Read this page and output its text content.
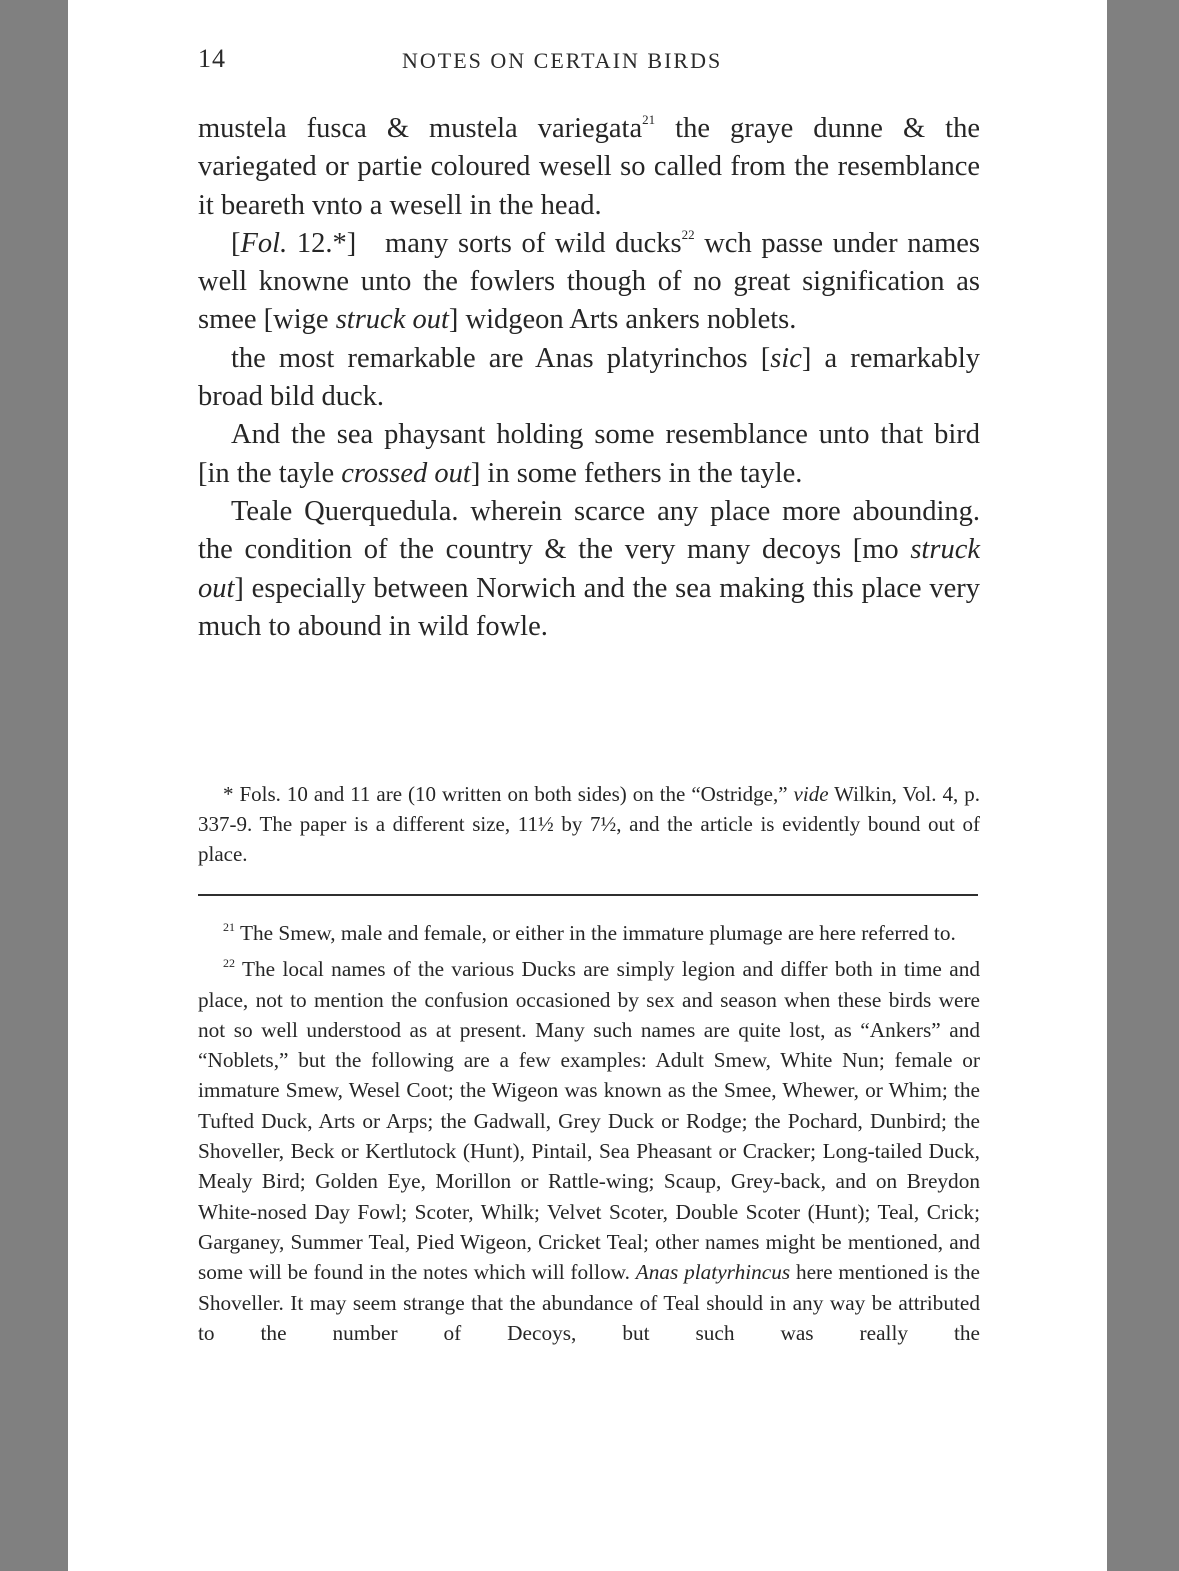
14	NOTES ON CERTAIN BIRDS

mustela fusca & mustela variegata$^{21}$ the graye dunne & the variegated or partie coloured wesell so called from the resemblance it beareth vnto a wesell in the head.

[Fol. 12.*]   many sorts of wild ducks$^{22}$ wch passe under names well knowne unto the fowlers though of no great signification as smee [wige struck out] widgeon Arts ankers noblets.

the most remarkable are Anas platyrinchos [sic] a remarkably broad bild duck.

And the sea phaysant holding some resemblance unto that bird [in the tayle crossed out] in some fethers in the tayle.

Teale Querquedula. wherein scarce any place more abounding. the condition of the country & the very many decoys [mo struck out] especially between Norwich and the sea making this place very much to abound in wild fowle.

* Fols. 10 and 11 are (10 written on both sides) on the “Ostridge,” vide Wilkin, Vol. 4, p. 337-9. The paper is a different size, 11½ by 7½, and the article is evidently bound out of place.

$^{21}$ The Smew, male and female, or either in the immature plumage are here referred to.

$^{22}$ The local names of the various Ducks are simply legion and differ both in time and place, not to mention the confusion occasioned by sex and season when these birds were not so well understood as at present. Many such names are quite lost, as “Ankers” and “Noblets,” but the following are a few examples: Adult Smew, White Nun; female or immature Smew, Wesel Coot; the Wigeon was known as the Smee, Whewer, or Whim; the Tufted Duck, Arts or Arps; the Gadwall, Grey Duck or Rodge; the Pochard, Dunbird; the Shoveller, Beck or Kertlutock (Hunt), Pintail, Sea Pheasant or Cracker; Long-tailed Duck, Mealy Bird; Golden Eye, Morillon or Rattle-wing; Scaup, Grey-back, and on Breydon White-nosed Day Fowl; Scoter, Whilk; Velvet Scoter, Double Scoter (Hunt); Teal, Crick; Garganey, Summer Teal, Pied Wigeon, Cricket Teal; other names might be mentioned, and some will be found in the notes which will follow. Anas platyrhincus here mentioned is the Shoveller. It may seem strange that the abundance of Teal should in any way be attributed to the number of Decoys, but such was really the
